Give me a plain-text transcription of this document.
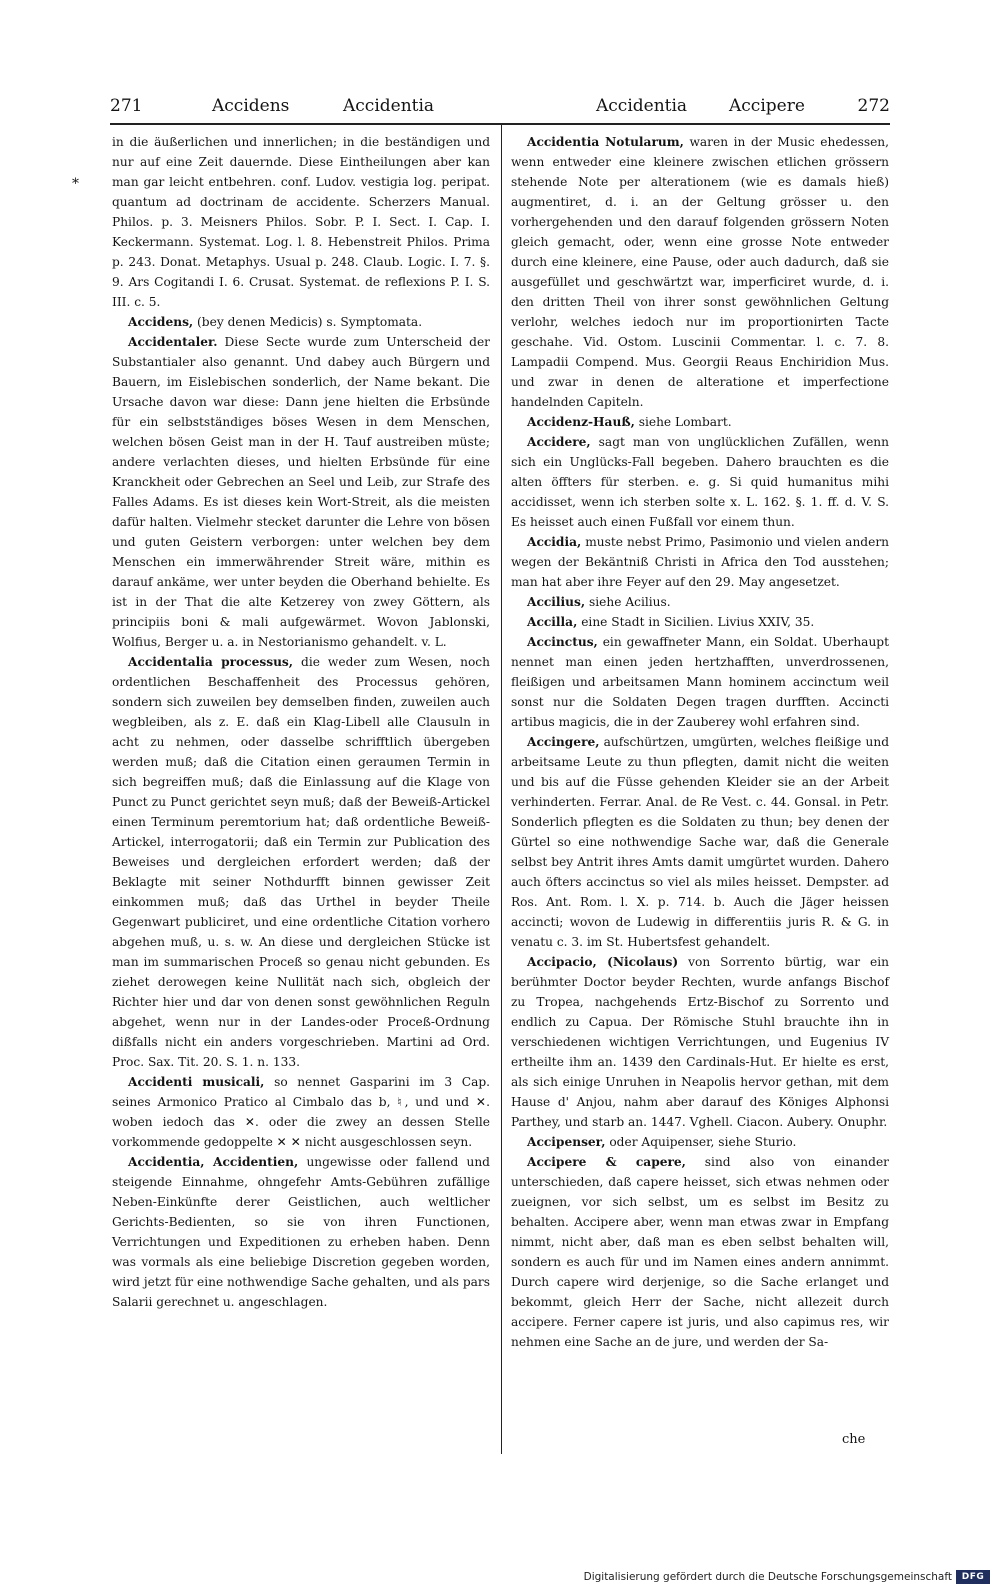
271	Accidens	Accidentia	Accidentia Accipere	272
*

in die äußerlichen und innerlichen; in die beständigen und nur auf eine Zeit dauernde. Diese Eintheilungen aber kan man gar leicht entbehren. conf. Ludov. vestigia log. peripat. quantum ad doctrinam de accidente. Scherzers Manual. Philos. p. 3. Meisners Philos. Sobr. P. I. Sect. I. Cap. I. Keckermann. Systemat. Log. l. 8. Hebenstreit Philos. Prima p. 243. Donat. Metaphys. Usual p. 248. Claub. Logic. I. 7. §. 9. Ars Cogitandi I. 6. Crusat. Systemat. de reflexions P. I. S. III. c. 5.

Accidens, (bey denen Medicis) s. Symptomata.

Accidentaler. Diese Secte wurde zum Unterscheid der Substantialer also genannt. Und dabey auch Bürgern und Bauern, im Eislebischen sonderlich, der Name bekant. Die Ursache davon war diese: Dann jene hielten die Erbsünde für ein selbstständiges böses Wesen in dem Menschen, welchen bösen Geist man in der H. Tauf austreiben müste; andere verlachten dieses, und hielten Erbsünde für eine Kranckheit oder Gebrechen an Seel und Leib, zur Strafe des Falles Adams. Es ist dieses kein Wort-Streit, als die meisten dafür halten. Vielmehr stecket darunter die Lehre von bösen und guten Geistern verborgen: unter welchen bey dem Menschen ein immerwährender Streit wäre, mithin es darauf ankäme, wer unter beyden die Oberhand behielte. Es ist in der That die alte Ketzerey von zwey Göttern, als principiis boni & mali aufgewärmet. Wovon Jablonski, Wolfius, Berger u. a. in Nestorianismo gehandelt. v. L.

Accidentalia processus, die weder zum Wesen, noch ordentlichen Beschaffenheit des Processus gehören, sondern sich zuweilen bey demselben finden, zuweilen auch wegbleiben, als z. E. daß ein Klag-Libell alle Clausuln in acht zu nehmen, oder dasselbe schrifftlich übergeben werden muß; daß die Citation einen geraumen Termin in sich begreiffen muß; daß die Einlassung auf die Klage von Punct zu Punct gerichtet seyn muß; daß der Beweiß-Artickel einen Terminum peremtorium hat; daß ordentliche Beweiß-Artickel, interrogatorii; daß ein Termin zur Publication des Beweises und dergleichen erfordert werden; daß der Beklagte mit seiner Nothdurfft binnen gewisser Zeit einkommen muß; daß das Urthel in beyder Theile Gegenwart publiciret, und eine ordentliche Citation vorhero abgehen muß, u. s. w. An diese und dergleichen Stücke ist man im summarischen Proceß so genau nicht gebunden. Es ziehet derowegen keine Nullität nach sich, obgleich der Richter hier und dar von denen sonst gewöhnlichen Reguln abgehet, wenn nur in der Landes-oder Proceß-Ordnung dißfalls nicht ein anders vorgeschrieben. Martini ad Ord. Proc. Sax. Tit. 20. S. 1. n. 133.

Accidenti musicali, so nennet Gasparini im 3 Cap. seines Armonico Pratico al Cimbalo das b, ♮, und und ✕. woben iedoch das ✕. oder die zwey an dessen Stelle vorkommende gedoppelte ✕ ✕ nicht ausgeschlossen seyn.

Accidentia, Accidentien, ungewisse oder fallend und steigende Einnahme, ohngefehr Amts-Gebühren zufällige Neben-Einkünfte derer Geistlichen, auch weltlicher Gerichts-Bedienten, so sie von ihren Functionen, Verrichtungen und Expeditionen zu erheben haben. Denn was vormals als eine beliebige Discretion gegeben worden, wird jetzt für eine nothwendige Sache gehalten, und als pars Salarii gerechnet u. angeschlagen.

Accidentia Notularum, waren in der Music ehedessen, wenn entweder eine kleinere zwischen etlichen grössern stehende Note per alterationem (wie es damals hieß) augmentiret, d. i. an der Geltung grösser u. den vorhergehenden und den darauf folgenden grössern Noten gleich gemacht, oder, wenn eine grosse Note entweder durch eine kleinere, eine Pause, oder auch dadurch, daß sie ausgefüllet und geschwärtzt war, imperficiret wurde, d. i. den dritten Theil von ihrer sonst gewöhnlichen Geltung verlohr, welches iedoch nur im proportionirten Tacte geschahe. Vid. Ostom. Luscinii Commentar. l. c. 7. 8. Lampadii Compend. Mus. Georgii Reaus Enchiridion Mus. und zwar in denen de alteratione et imperfectione handelnden Capiteln.

Accidenz-Hauß, siehe Lombart.

Accidere, sagt man von unglücklichen Zufällen, wenn sich ein Unglücks-Fall begeben. Dahero brauchten es die alten öffters für sterben. e. g. Si quid humanitus mihi accidisset, wenn ich sterben solte x. L. 162. §. 1. ff. d. V. S. Es heisset auch einen Fußfall vor einem thun.

Accidia, muste nebst Primo, Pasimonio und vielen andern wegen der Bekäntniß Christi in Africa den Tod ausstehen; man hat aber ihre Feyer auf den 29. May angesetzet.

Accilius, siehe Acilius.

Accilla, eine Stadt in Sicilien. Livius XXIV, 35.

Accinctus, ein gewaffneter Mann, ein Soldat. Uberhaupt nennet man einen jeden hertzhafften, unverdrossenen, fleißigen und arbeitsamen Mann hominem accinctum weil sonst nur die Soldaten Degen tragen durfften. Accincti artibus magicis, die in der Zauberey wohl erfahren sind.

Accingere, aufschürtzen, umgürten, welches fleißige und arbeitsame Leute zu thun pflegten, damit nicht die weiten und bis auf die Füsse gehenden Kleider sie an der Arbeit verhinderten. Ferrar. Anal. de Re Vest. c. 44. Gonsal. in Petr. Sonderlich pflegten es die Soldaten zu thun; bey denen der Gürtel so eine nothwendige Sache war, daß die Generale selbst bey Antrit ihres Amts damit umgürtet wurden. Dahero auch öfters accinctus so viel als miles heisset. Dempster. ad Ros. Ant. Rom. l. X. p. 714. b. Auch die Jäger heissen accincti; wovon de Ludewig in differentiis juris R. & G. in venatu c. 3. im St. Hubertsfest gehandelt.

Accipacio, (Nicolaus) von Sorrento bürtig, war ein berühmter Doctor beyder Rechten, wurde anfangs Bischof zu Tropea, nachgehends Ertz-Bischof zu Sorrento und endlich zu Capua. Der Römische Stuhl brauchte ihn in verschiedenen wichtigen Verrichtungen, und Eugenius IV ertheilte ihm an. 1439 den Cardinals-Hut. Er hielte es erst, als sich einige Unruhen in Neapolis hervor gethan, mit dem Hause d' Anjou, nahm aber darauf des Königes Alphonsi Parthey, und starb an. 1447. Vghell. Ciacon. Aubery. Onuphr.

Accipenser, oder Aquipenser, siehe Sturio.

Accipere & capere, sind also von einander unterschieden, daß capere heisset, sich etwas nehmen oder zueignen, vor sich selbst, um es selbst im Besitz zu behalten. Accipere aber, wenn man etwas zwar in Empfang nimmt, nicht aber, daß man es eben selbst behalten will, sondern es auch für und im Namen eines andern annimmt. Durch capere wird derjenige, so die Sache erlanget und bekommt, gleich Herr der Sache, nicht allezeit durch accipere. Ferner capere ist juris, und also capimus res, wir nehmen eine Sache an de jure, und werden der Sa-

che
Digitalisierung gefördert durch die Deutsche Forschungsgemeinschaft	DFG
